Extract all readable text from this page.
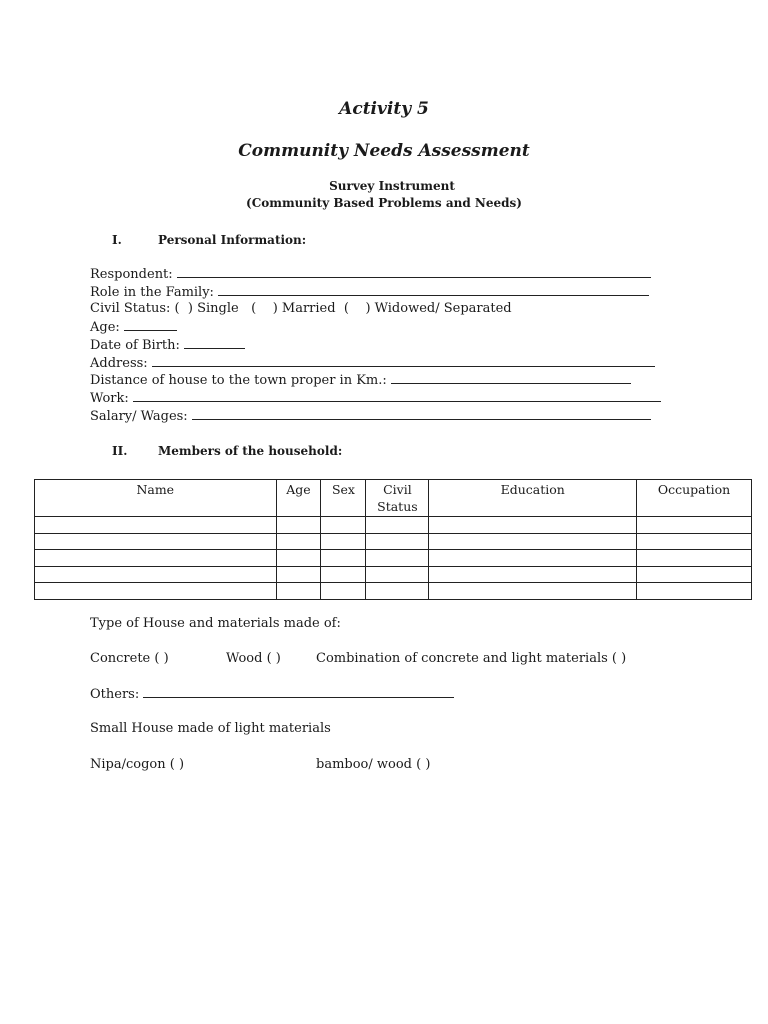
Activity 5
Community Needs Assessment
Survey Instrument
(Community Based Problems and Needs)
I.	Personal Information:
Respondent:
Role in the Family:
Civil Status: (  ) Single   (    ) Married  (    ) Widowed/ Separated
Age:
Date of Birth:
Address:
Distance of house to the town proper in Km.:
Work:
Salary/ Wages:
II.	Members of the household:
Name	Age	Sex	Civil Status	Education	Occupation

Type of House and materials made of:
Concrete ( )	Wood ( )	Combination of concrete and light materials ( )
Others:
Small House made of light materials
Nipa/cogon ( )	bamboo/ wood ( )
